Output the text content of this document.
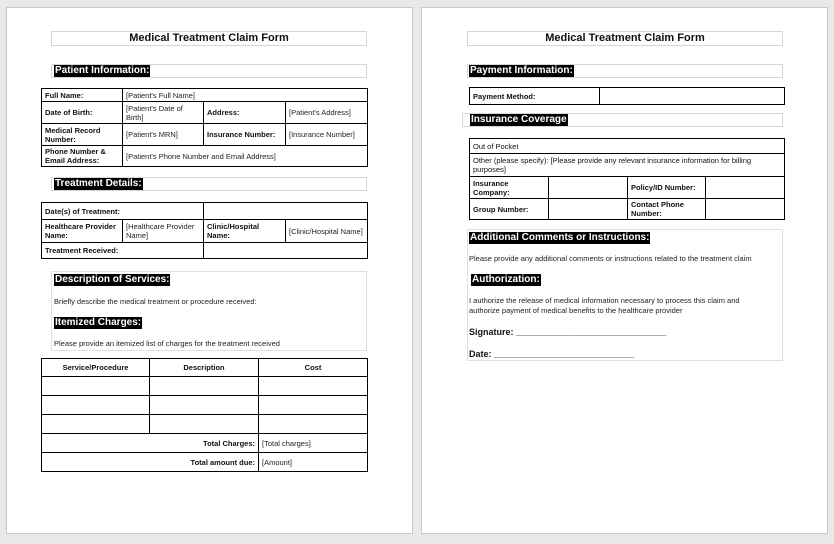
Medical Treatment Claim Form
Patient Information:
Full Name:	[Patient's Full Name]		
Date of Birth:	[Patient's Date of Birth]	Address:	[Patient's Address]
Medical Record Number:	[Patient's MRN]	Insurance Number:	[Insurance Number]
Phone Number & Email Address:	[Patient's Phone Number and Email Address]		
Treatment Details:
Date(s) of Treatment:			
Healthcare Provider Name:	[Healthcare Provider Name]	Clinic/Hospital Name:	[Clinic/Hospital Name]
Treatment Received:			
Description of Services:
Briefly describe the medical treatment or procedure received:
Itemized Charges:
Please provide an itemized list of charges for the treatment received
Service/Procedure	Description	Cost

Total Charges:		[Total charges]
Total amount due:		[Amount]
Medical Treatment Claim Form
Payment Information:
Payment Method:	
Insurance Coverage
Out of Pocket			
Other (please specify): [Please provide any relevant insurance information for billing purposes]			
Insurance Company:		Policy/ID Number:	
Group Number:		Contact Phone Number:	
Additional Comments or Instructions:
Please provide any additional comments or instructions related to the treatment claim
Authorization:
I authorize the release of medical information necessary to process this claim and authorize payment of medical benefits to the healthcare provider
Signature: ______________________________
Date: ____________________________
